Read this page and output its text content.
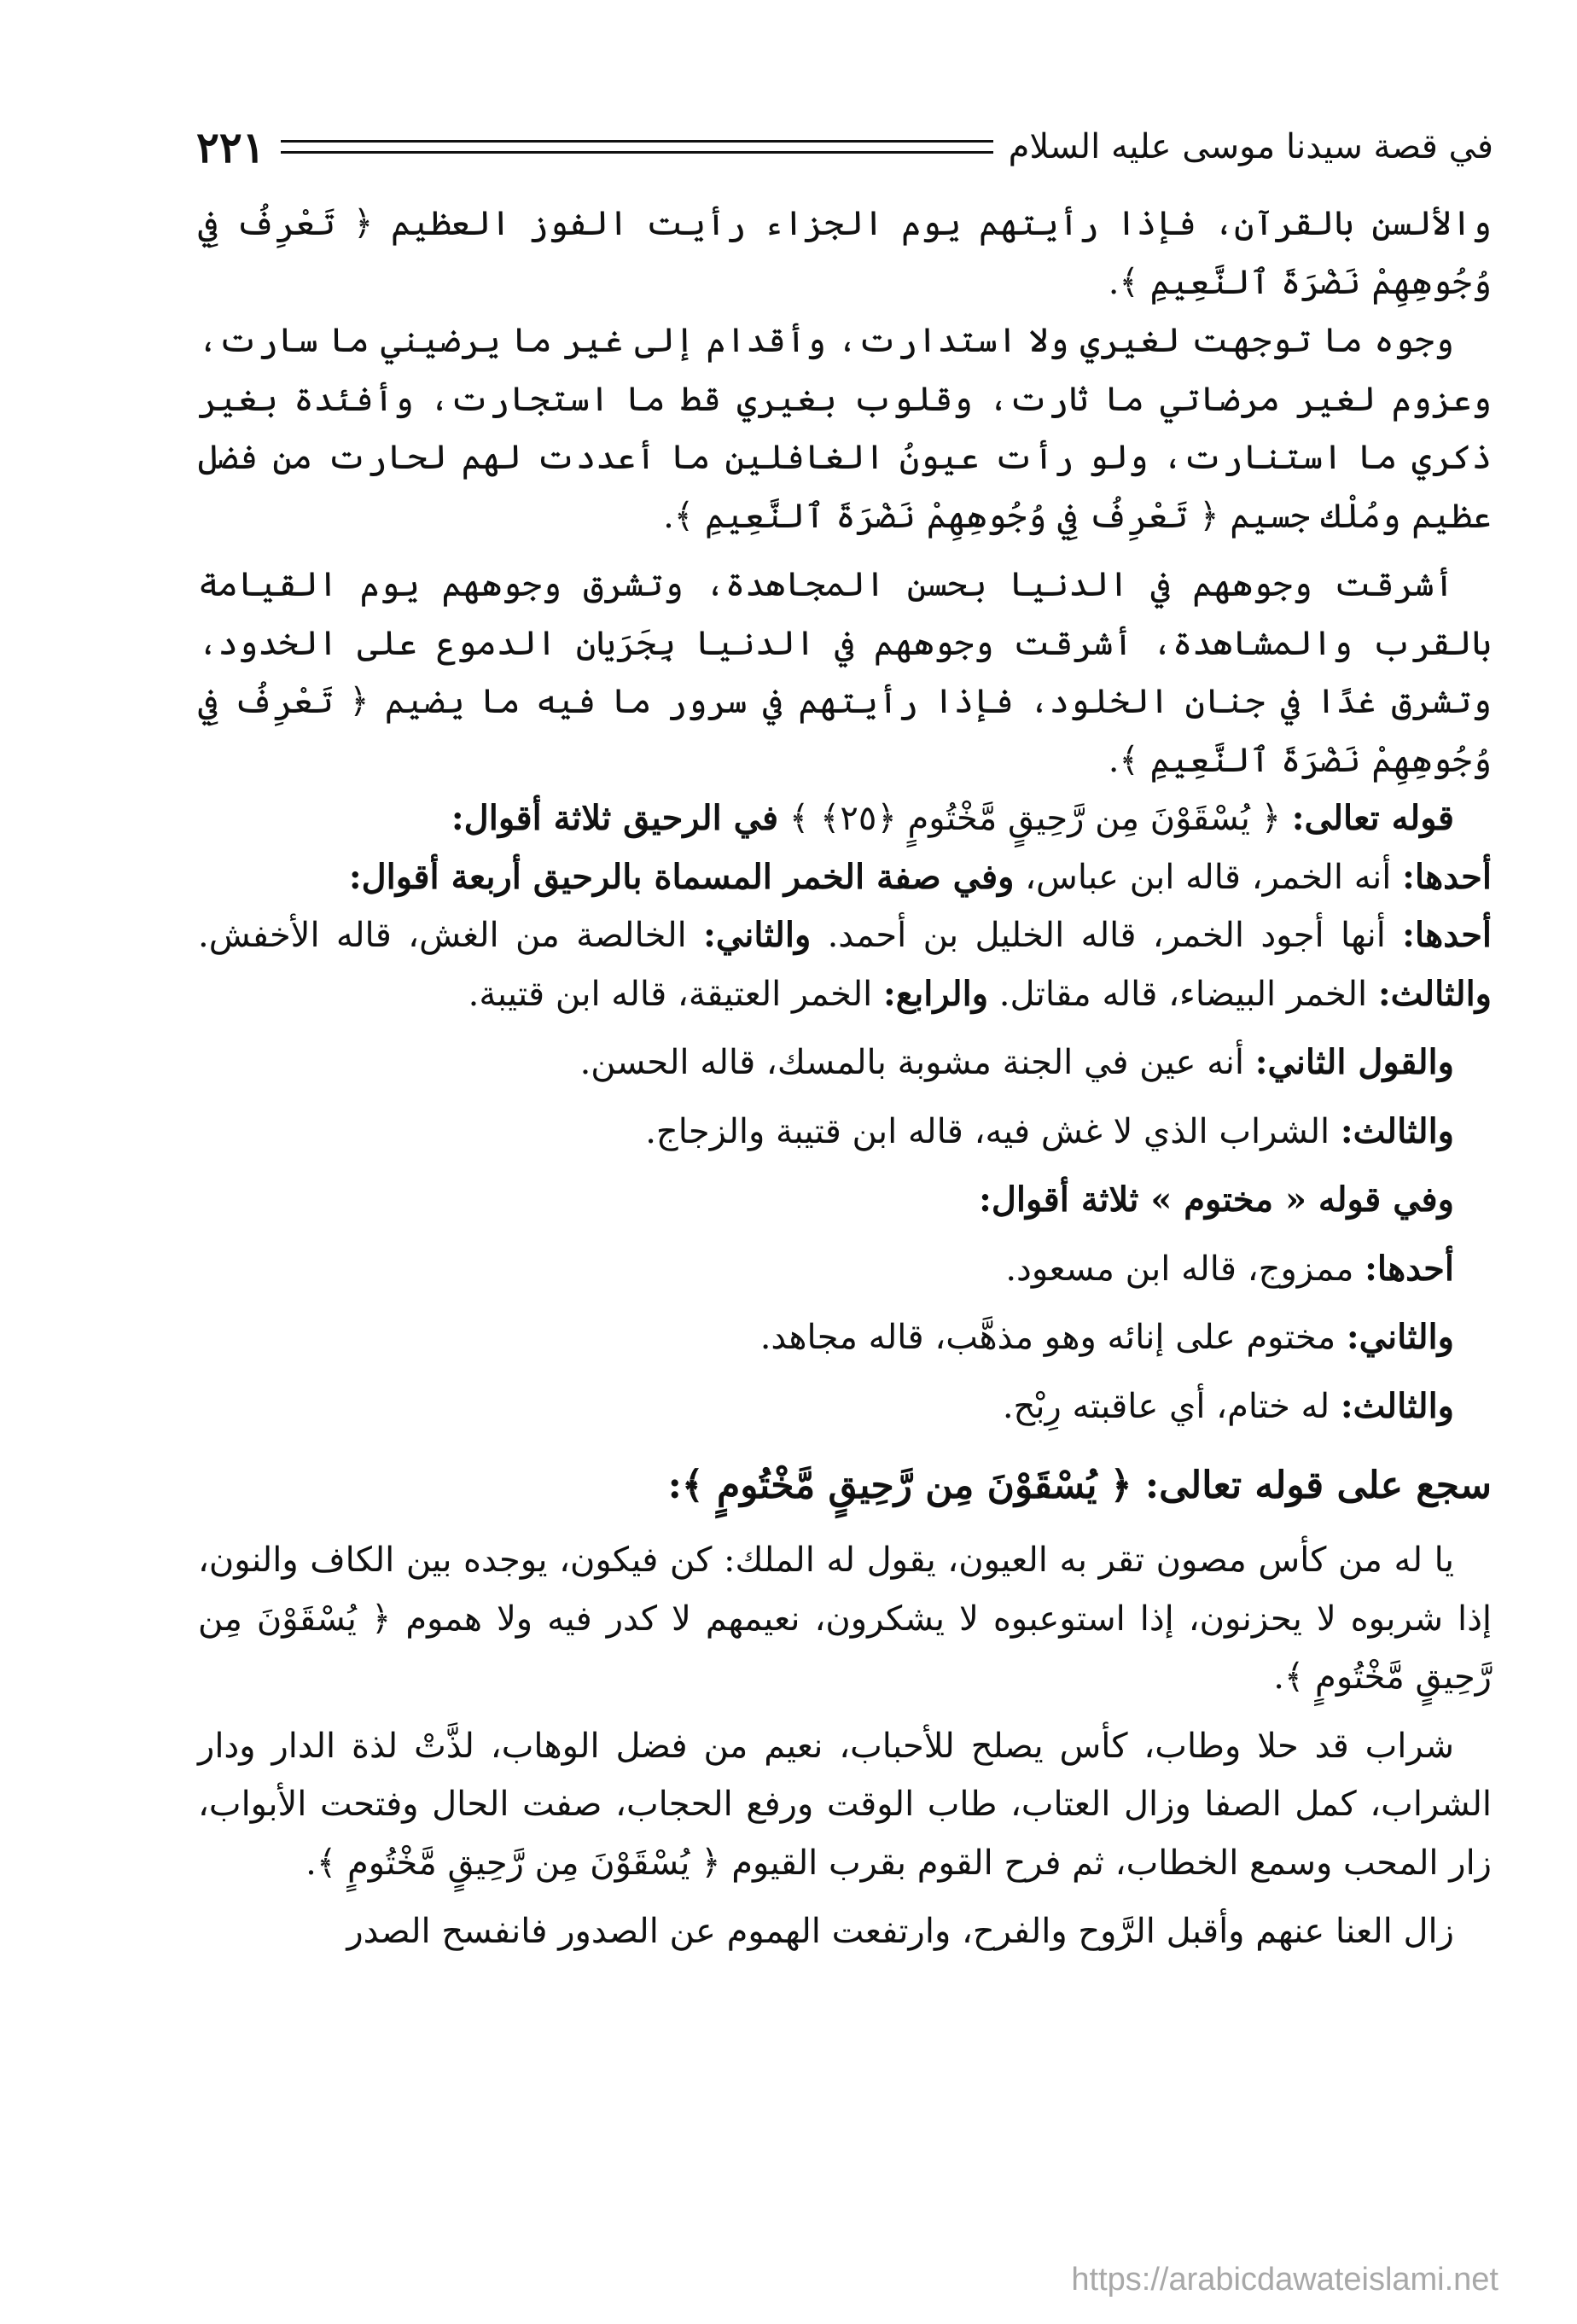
في قصة سيدنا موسى عليه السلام
٢٢١

والألسن بالقرآن، فإذا رأيتهم يوم الجزاء رأيت الفوز العظيم ﴿ تَعْرِفُ فِي وُجُوهِهِمْ نَضْرَةَ ٱلنَّعِيمِ ﴾.

وجوه ما توجهت لغيري ولا استدارت، وأقدام إلى غير ما يرضيني ما سارت، وعزوم لغير مرضاتي ما ثارت، وقلوب بغيري قط ما استجارت، وأفئدة بغير ذكري ما استنارت، ولو رأت عيونُ الغافلين ما أعددت لهم لحارت من فضل عظيم ومُلْك جسيم ﴿ تَعْرِفُ فِي وُجُوهِهِمْ نَضْرَةَ ٱلنَّعِيمِ ﴾.

أشرقت وجوههم في الدنيا بحسن المجاهدة، وتشرق وجوههم يوم القيامة بالقرب والمشاهدة، أشرقت وجوههم في الدنيا بِجَرَيان الدموع على الخدود، وتشرق غدًا في جنان الخلود، فإذا رأيتهم في سرور ما فيه ما يضيم ﴿ تَعْرِفُ فِي وُجُوهِهِمْ نَضْرَةَ ٱلنَّعِيمِ ﴾.

قوله تعالى: ﴿ يُسْقَوْنَ مِن رَّحِيقٍ مَّخْتُومٍ ﴿٢٥﴾ ﴾ في الرحيق ثلاثة أقوال:

أحدها: أنه الخمر، قاله ابن عباس، وفي صفة الخمر المسماة بالرحيق أربعة أقوال:

أحدها: أنها أجود الخمر، قاله الخليل بن أحمد. والثاني: الخالصة من الغش، قاله الأخفش. والثالث: الخمر البيضاء، قاله مقاتل. والرابع: الخمر العتيقة، قاله ابن قتيبة.

والقول الثاني: أنه عين في الجنة مشوبة بالمسك، قاله الحسن.

والثالث: الشراب الذي لا غش فيه، قاله ابن قتيبة والزجاج.

وفي قوله « مختوم » ثلاثة أقوال:

أحدها: ممزوج، قاله ابن مسعود.

والثاني: مختوم على إنائه وهو مذهَّب، قاله مجاهد.

والثالث: له ختام، أي عاقبته رِبْح.

سجع على قوله تعالى: ﴿ يُسْقَوْنَ مِن رَّحِيقٍ مَّخْتُومٍ ﴾:

يا له من كأس مصون تقر به العيون، يقول له الملك: كن فيكون، يوجده بين الكاف والنون، إذا شربوه لا يحزنون، إذا استوعبوه لا يشكرون، نعيمهم لا كدر فيه ولا هموم ﴿ يُسْقَوْنَ مِن رَّحِيقٍ مَّخْتُومٍ ﴾.

شراب قد حلا وطاب، كأس يصلح للأحباب، نعيم من فضل الوهاب، لذَّتْ لذة الدار ودار الشراب، كمل الصفا وزال العتاب، طاب الوقت ورفع الحجاب، صفت الحال وفتحت الأبواب، زار المحب وسمع الخطاب، ثم فرح القوم بقرب القيوم ﴿ يُسْقَوْنَ مِن رَّحِيقٍ مَّخْتُومٍ ﴾.

زال العنا عنهم وأقبل الرَّوح والفرح، وارتفعت الهموم عن الصدور فانفسح الصدر

https://arabicdawateislami.net
